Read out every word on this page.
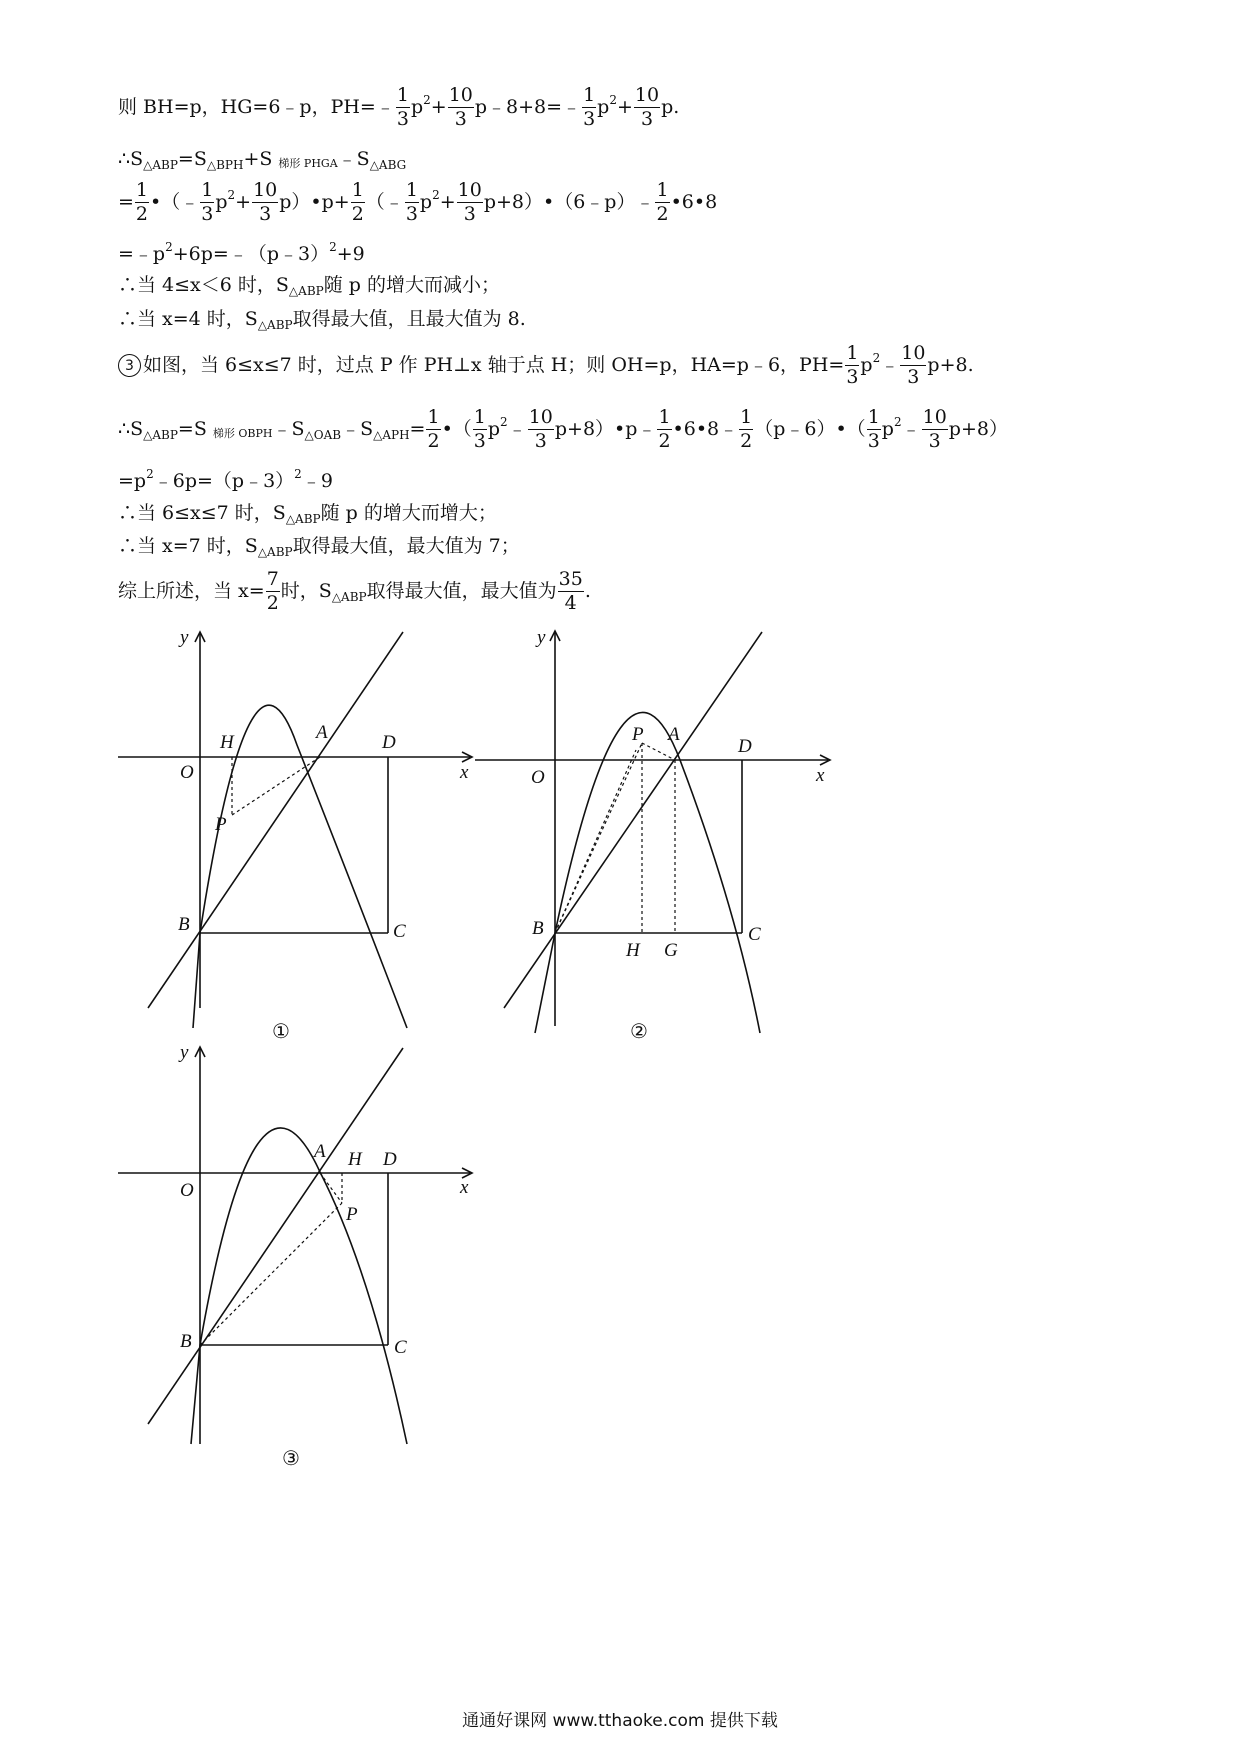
则 BH=p，HG=6﹣p，PH=﹣ $\frac{1}{3}$ p $2 + \frac{10}{3}$ p﹣8+8=﹣ $\frac{1}{3}$ p $2 + \frac{10}{3} p$.
∴S △ABP =S △BPH +S 梯形 PHGA ﹣S △ABG
= $\frac{1}{2}$ •（﹣ $\frac{1}{3}$ p $2 + \frac{10}{3}$ p）•p+ $\frac{1}{2}$ （﹣ $\frac{1}{3}$ p $2 + \frac{10}{3}$ p+8）•（6﹣p）﹣ $\frac{1}{2}$ •6•8
=﹣p 2 +6p=﹣（p﹣3） 2 +9
∴当 4≤x＜6 时，S △ABP 随 p 的增大而减小；
∴当 x=4 时，S △ABP 取得最大值，且最大值为 8.
3 如图，当 6≤x≤7 时，过点 P 作 PH⊥x 轴于点 H；则 OH=p，HA=p﹣6，$PH= \frac{1}{3}$ p 2 ﹣ $\frac{10}{3} p+8$.
∴S △ABP =S 梯形 OBPH ﹣S △OAB ﹣S △APH = $\frac{1}{2}$ •（ $\frac{1}{3}$ p 2 ﹣ $\frac{10}{3}$ p+8）•p﹣ $\frac{1}{2}$ •6•8﹣ $\frac{1}{2}$ （p﹣6）•（ $\frac{1}{3}$ p 2 ﹣ $\frac{10}{3} p+8$）
=p 2 ﹣6p=（p﹣3） 2 ﹣9
∴当 6≤x≤7 时，S △ABP 随 p 的增大而增大；
∴当 x=7 时，S △ABP 取得最大值，最大值为 7；
综上所述，当 $x= \frac{7}{2}$ 时，S △ABP 取得最大值，最大值为 $\frac{35}{4}$ .
y
x
O
H	A	D
P
B	C
①
y
x
O
P A
D
B	C
H G
②
y
x
O
A H D
P
B	C
③
通通好课网 www.tthaoke.com 提供下载
